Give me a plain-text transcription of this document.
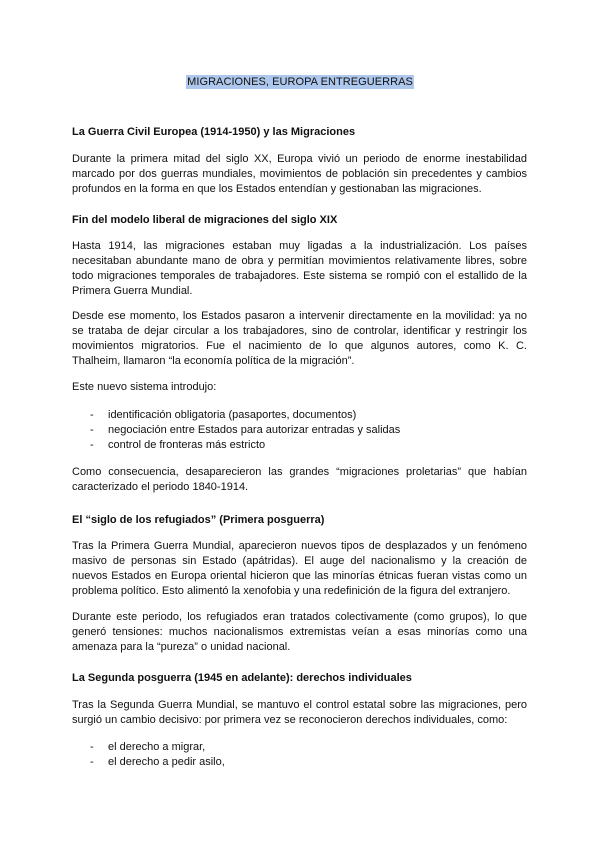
MIGRACIONES, EUROPA ENTREGUERRAS
La Guerra Civil Europea (1914-1950) y las Migraciones
Durante la primera mitad del siglo XX, Europa vivió un periodo de enorme inestabilidad
marcado por dos guerras mundiales, movimientos de población sin precedentes y cambios
profundos en la forma en que los Estados entendían y gestionaban las migraciones.
Fin del modelo liberal de migraciones del siglo XIX
Hasta 1914, las migraciones estaban muy ligadas a la industrialización. Los países
necesitaban abundante mano de obra y permitían movimientos relativamente libres, sobre
todo migraciones temporales de trabajadores. Este sistema se rompió con el estallido de la
Primera Guerra Mundial.
Desde ese momento, los Estados pasaron a intervenir directamente en la movilidad: ya no
se trataba de dejar circular a los trabajadores, sino de controlar, identificar y restringir los
movimientos migratorios. Fue el nacimiento de lo que algunos autores, como K. C.
Thalheim, llamaron “la economía política de la migración”.
Este nuevo sistema introdujo:
- identificación obligatoria (pasaportes, documentos)
- negociación entre Estados para autorizar entradas y salidas
- control de fronteras más estricto
Como consecuencia, desaparecieron las grandes “migraciones proletarias” que habían
caracterizado el periodo 1840-1914.
El “siglo de los refugiados” (Primera posguerra)
Tras la Primera Guerra Mundial, aparecieron nuevos tipos de desplazados y un fenómeno
masivo de personas sin Estado (apátridas). El auge del nacionalismo y la creación de
nuevos Estados en Europa oriental hicieron que las minorías étnicas fueran vistas como un
problema político. Esto alimentó la xenofobia y una redefinición de la figura del extranjero.
Durante este periodo, los refugiados eran tratados colectivamente (como grupos), lo que
generó tensiones: muchos nacionalismos extremistas veían a esas minorías como una
amenaza para la “pureza” o unidad nacional.
La Segunda posguerra (1945 en adelante): derechos individuales
Tras la Segunda Guerra Mundial, se mantuvo el control estatal sobre las migraciones, pero
surgió un cambio decisivo: por primera vez se reconocieron derechos individuales, como:
- el derecho a migrar,
- el derecho a pedir asilo,
